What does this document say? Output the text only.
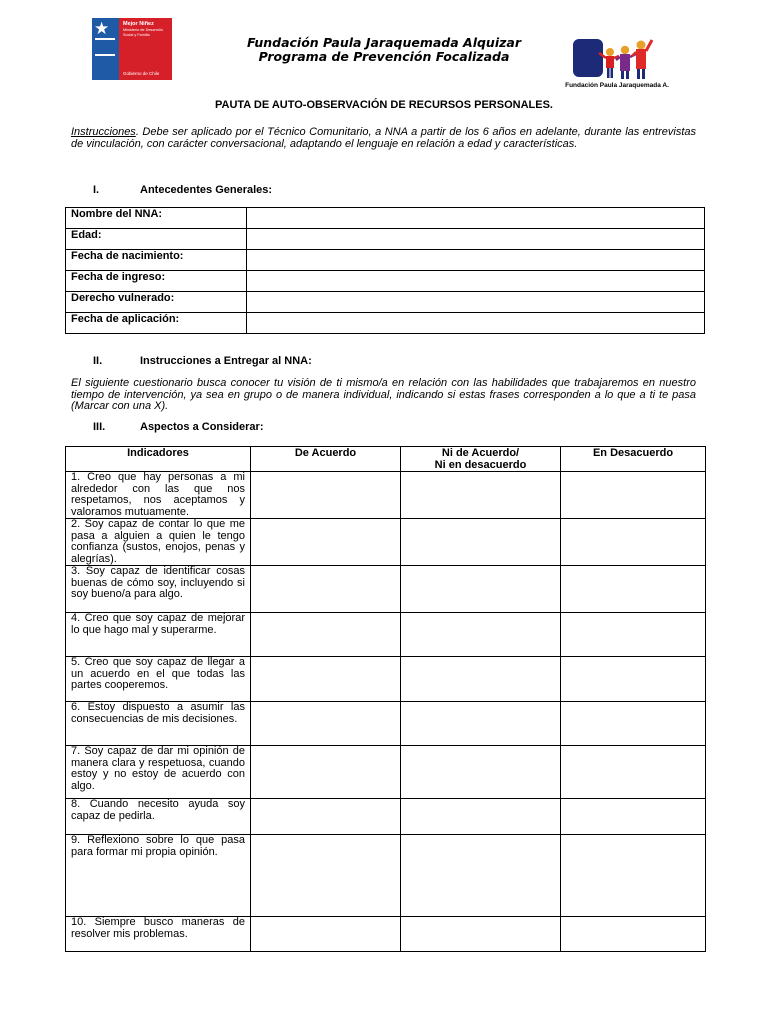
★	Mejor Niñez
Ministerio de Desarrollo Social y Familia
Gobierno de Chile
Fundación Paula Jaraquemada Alquizar
Programa de Prevención Focalizada
Fundación Paula Jaraquemada A.
PAUTA DE AUTO-OBSERVACIÓN DE RECURSOS PERSONALES.
Instrucciones. Debe ser aplicado por el Técnico Comunitario, a NNA a partir de los 6 años en adelante, durante las entrevistas de vinculación, con carácter conversacional, adaptando el lenguaje en relación a edad y características.
I.	Antecedentes Generales:
Nombre del NNA:	
Edad:	
Fecha de nacimiento:	
Fecha de ingreso:	
Derecho vulnerado:	
Fecha de aplicación:	
II.	Instrucciones a Entregar al NNA:
El siguiente cuestionario busca conocer tu visión de ti mismo/a en relación con las habilidades que trabajaremos en nuestro tiempo de intervención, ya sea en grupo o de manera individual, indicando si estas frases corresponden a lo que a ti te pasa (Marcar con una X).
III.	Aspectos a Considerar:
Indicadores	De Acuerdo	Ni de Acuerdo/
Ni en desacuerdo	En Desacuerdo
1. Creo que hay personas a mi alrededor con las que nos respetamos, nos aceptamos y valoramos mutuamente.			
2. Soy capaz de contar lo que me pasa a alguien a quien le tengo confianza (sustos, enojos, penas y alegrías).			
3. Soy capaz de identificar cosas buenas de cómo soy, incluyendo si soy bueno/a para algo.			
4. Creo que soy capaz de mejorar lo que hago mal y superarme.			
5. Creo que soy capaz de llegar a un acuerdo en el que todas las partes cooperemos.			
6. Estoy dispuesto a asumir las consecuencias de mis decisiones.			
7. Soy capaz de dar mi opinión de manera clara y respetuosa, cuando estoy y no estoy de acuerdo con algo.			
8. Cuando necesito ayuda soy capaz de pedirla.			
9. Reflexiono sobre lo que pasa para formar mi propia opinión.			
10. Siempre busco maneras de resolver mis problemas.			
